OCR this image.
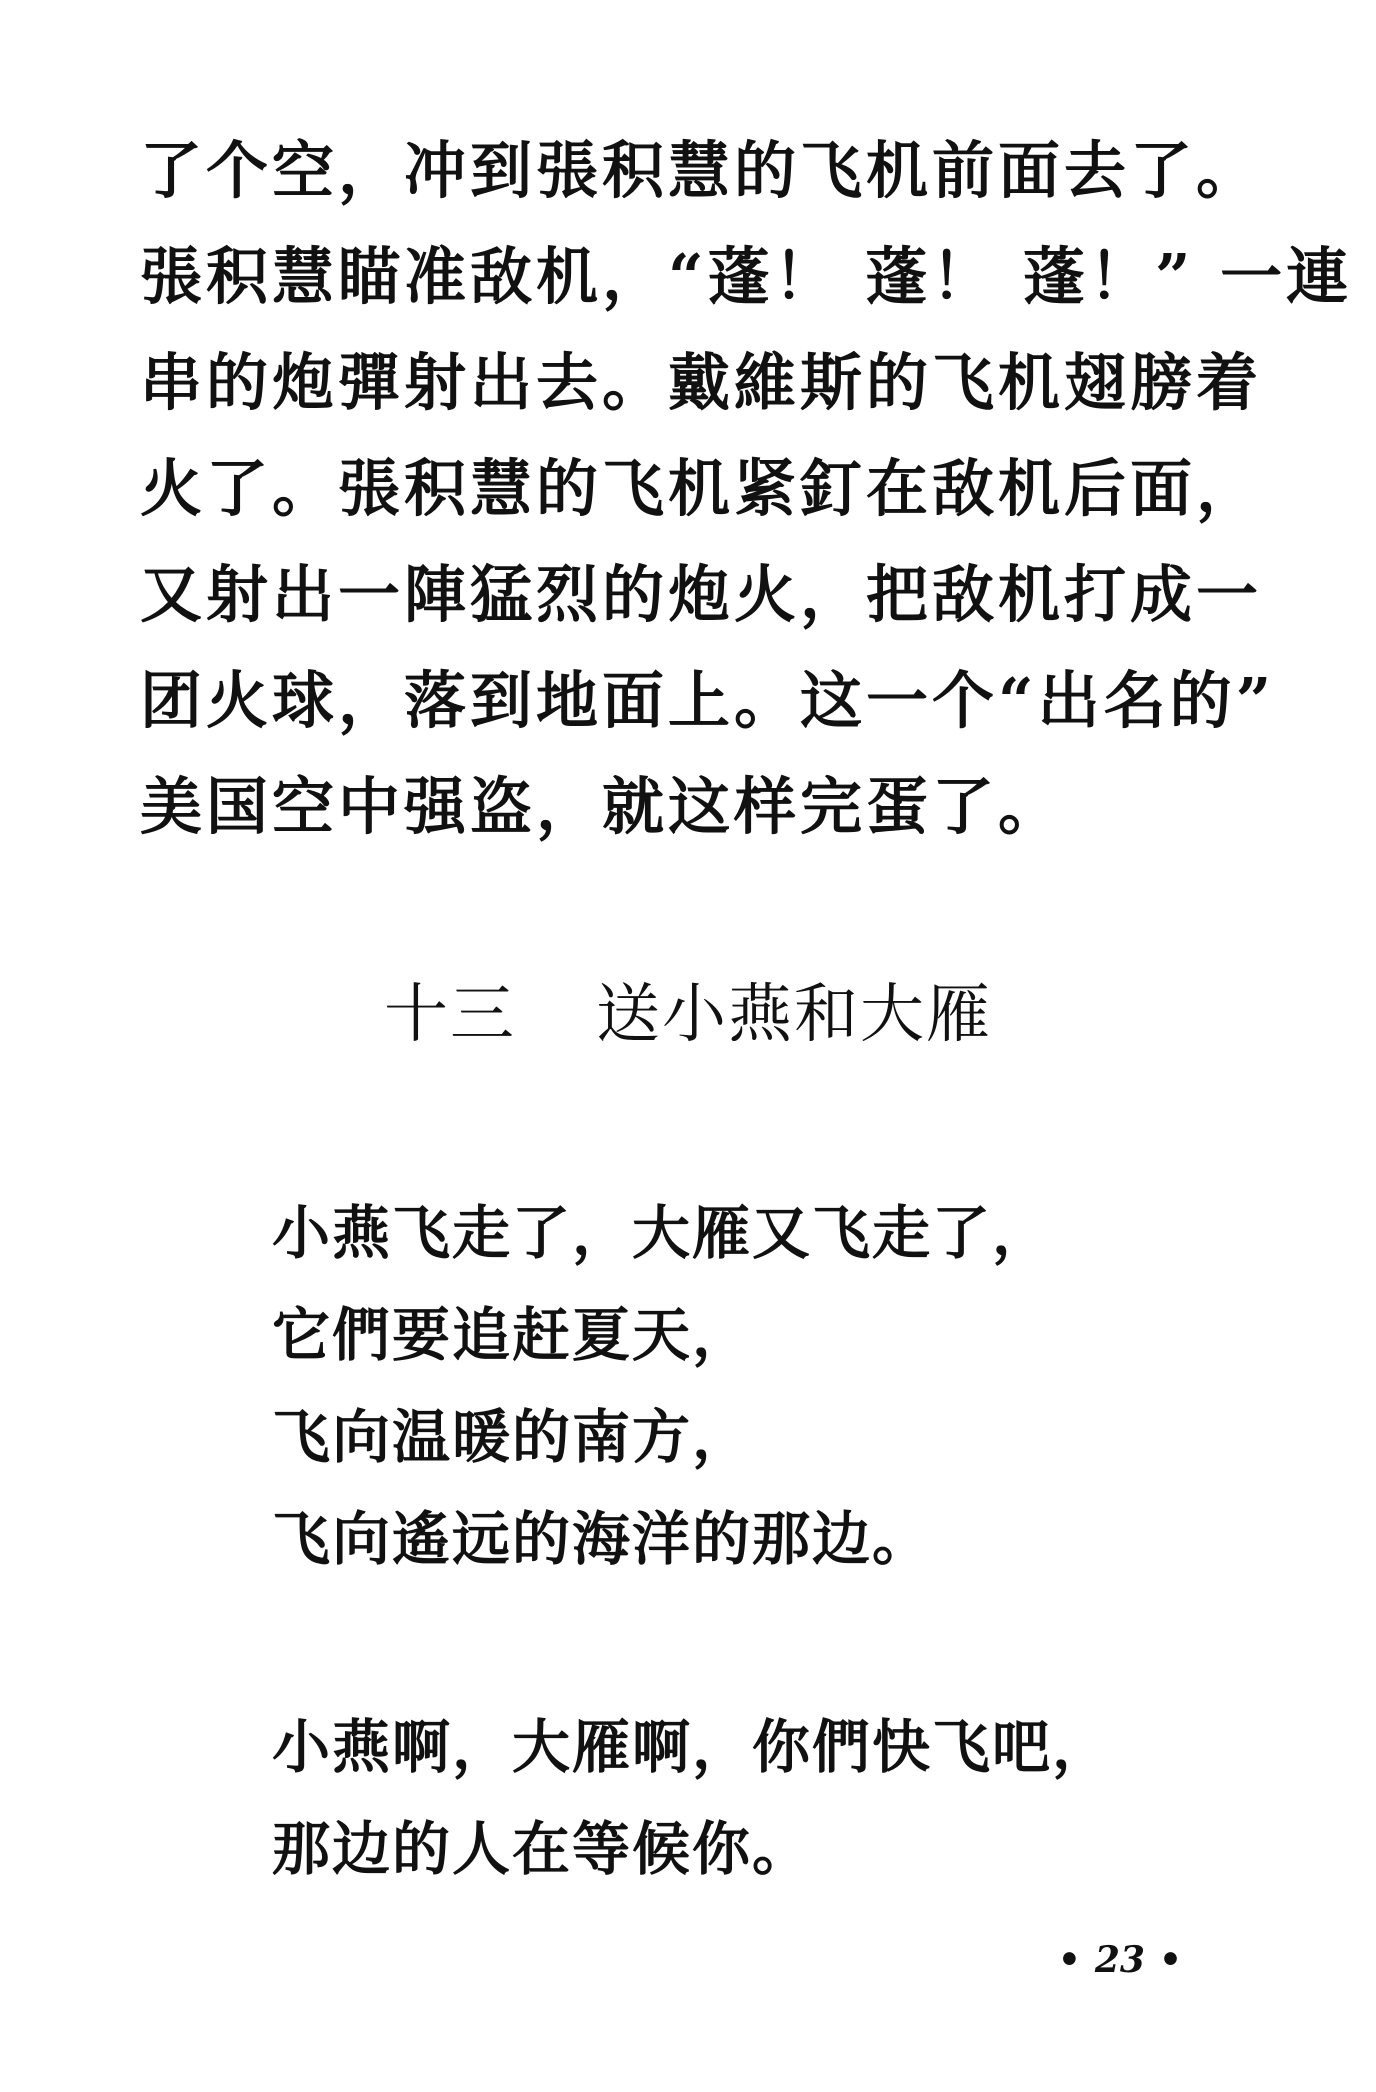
了个空，冲到張积慧的飞机前面去了。
張积慧瞄准敌机，“蓬！ 蓬！ 蓬！” 一連
串的炮彈射出去。戴維斯的飞机翅膀着
火了。張积慧的飞机紧釘在敌机后面，
又射出一陣猛烈的炮火，把敌机打成一
团火球，落到地面上。这一个“出名的”
美国空中强盗，就这样完蛋了。
十三 送小燕和大雁
小燕飞走了，大雁又飞走了，
它們要追赶夏天，
飞向温暖的南方，
飞向遙远的海洋的那边。
小燕啊，大雁啊，你們快飞吧，
那边的人在等候你。
• 23 •
